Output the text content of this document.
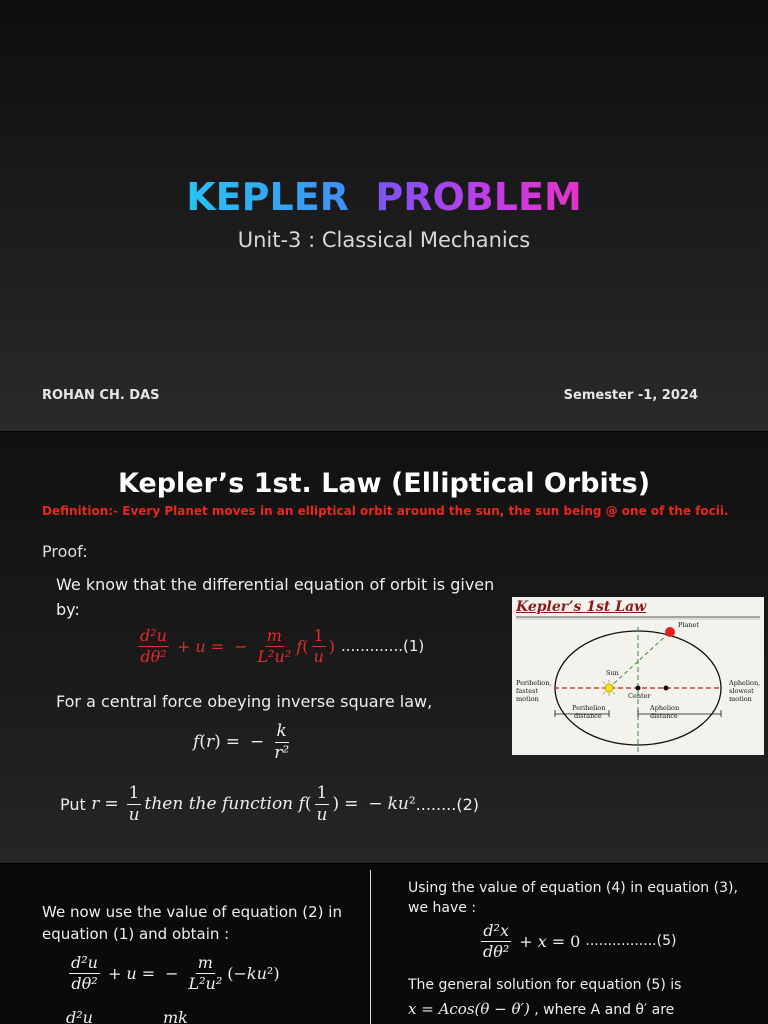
KEPLER PROBLEM
Unit-3 : Classical Mechanics
ROHAN CH. DAS	Semester -1, 2024
Kepler’s 1st. Law (Elliptical Orbits)
Definition:- Every Planet moves in an elliptical orbit around the sun, the sun being @ one of the focii.
Proof:
We know that the differential equation of orbit is given by:
$\frac{\text{d²u}}{\text{dθ²}} + u$ = − $\frac{m}{\text{L²u²}}$ f ( $\frac{1}{u}$ ) .............(1)
For a central force obeying inverse square law,
f ( r ) = − $\frac{k}{\text{r²}}$
Put
$r = \frac{1}{u}$ then the function
f ( $\frac{1}{u}$ ) = − ku ² ........(2)
Planet
Sun
Center
Perihelion,
fastest
motion
Aphelion,
slowest
motion
Perihelion
distance
Aphelion
distance
Kepler’s 1st Law
We now use the value of equation (2) in equation (1) and obtain :
$\frac{\text{d²u}}{\text{dθ²}} + u$ = − $\frac{m}{\text{L²u²}}$ (− ku ²)
d²u	mk
Using the value of equation (4) in equation (3), we have :
$\frac{\text{d²x}}{\text{dθ²}} + x = 0$ ................(5)
The general solution for equation (5) is
x = Acos(θ − θ′) , where A and θ′ are
